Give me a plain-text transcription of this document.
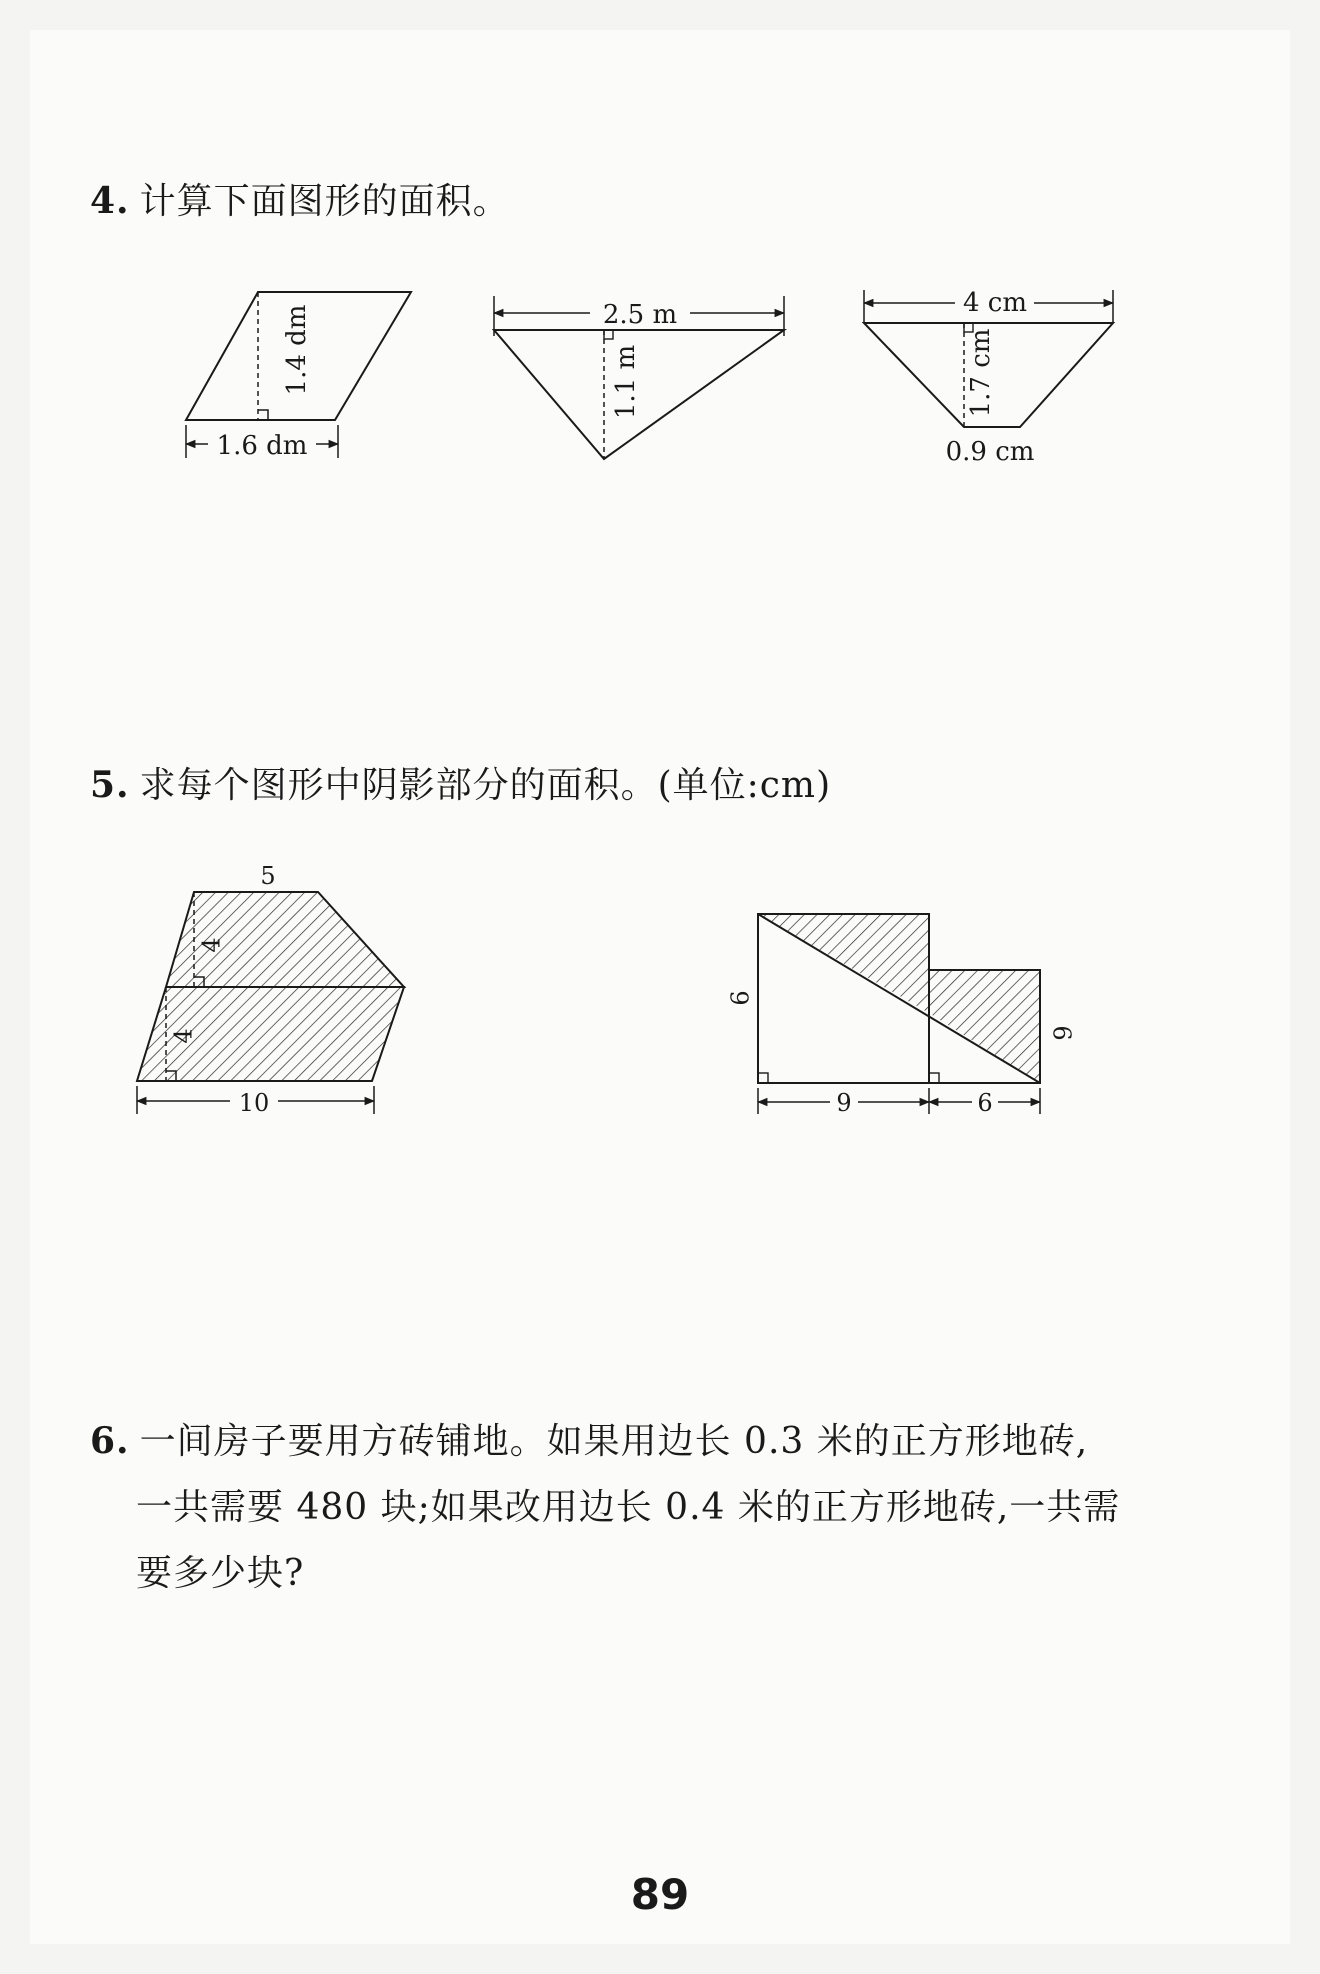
4. 计算下面图形的面积。
5. 求每个图形中阴影部分的面积。(单位:cm)
1.4 dm
1.6 dm
2.5 m
1.1 m
4 cm
1.7 cm
0.9 cm
5
4
4
10
9
6
9	6
6. 一间房子要用方砖铺地。如果用边长 0.3 米的正方形地砖,
一共需要 480 块;如果改用边长 0.4 米的正方形地砖,一共需
要多少块?
89
